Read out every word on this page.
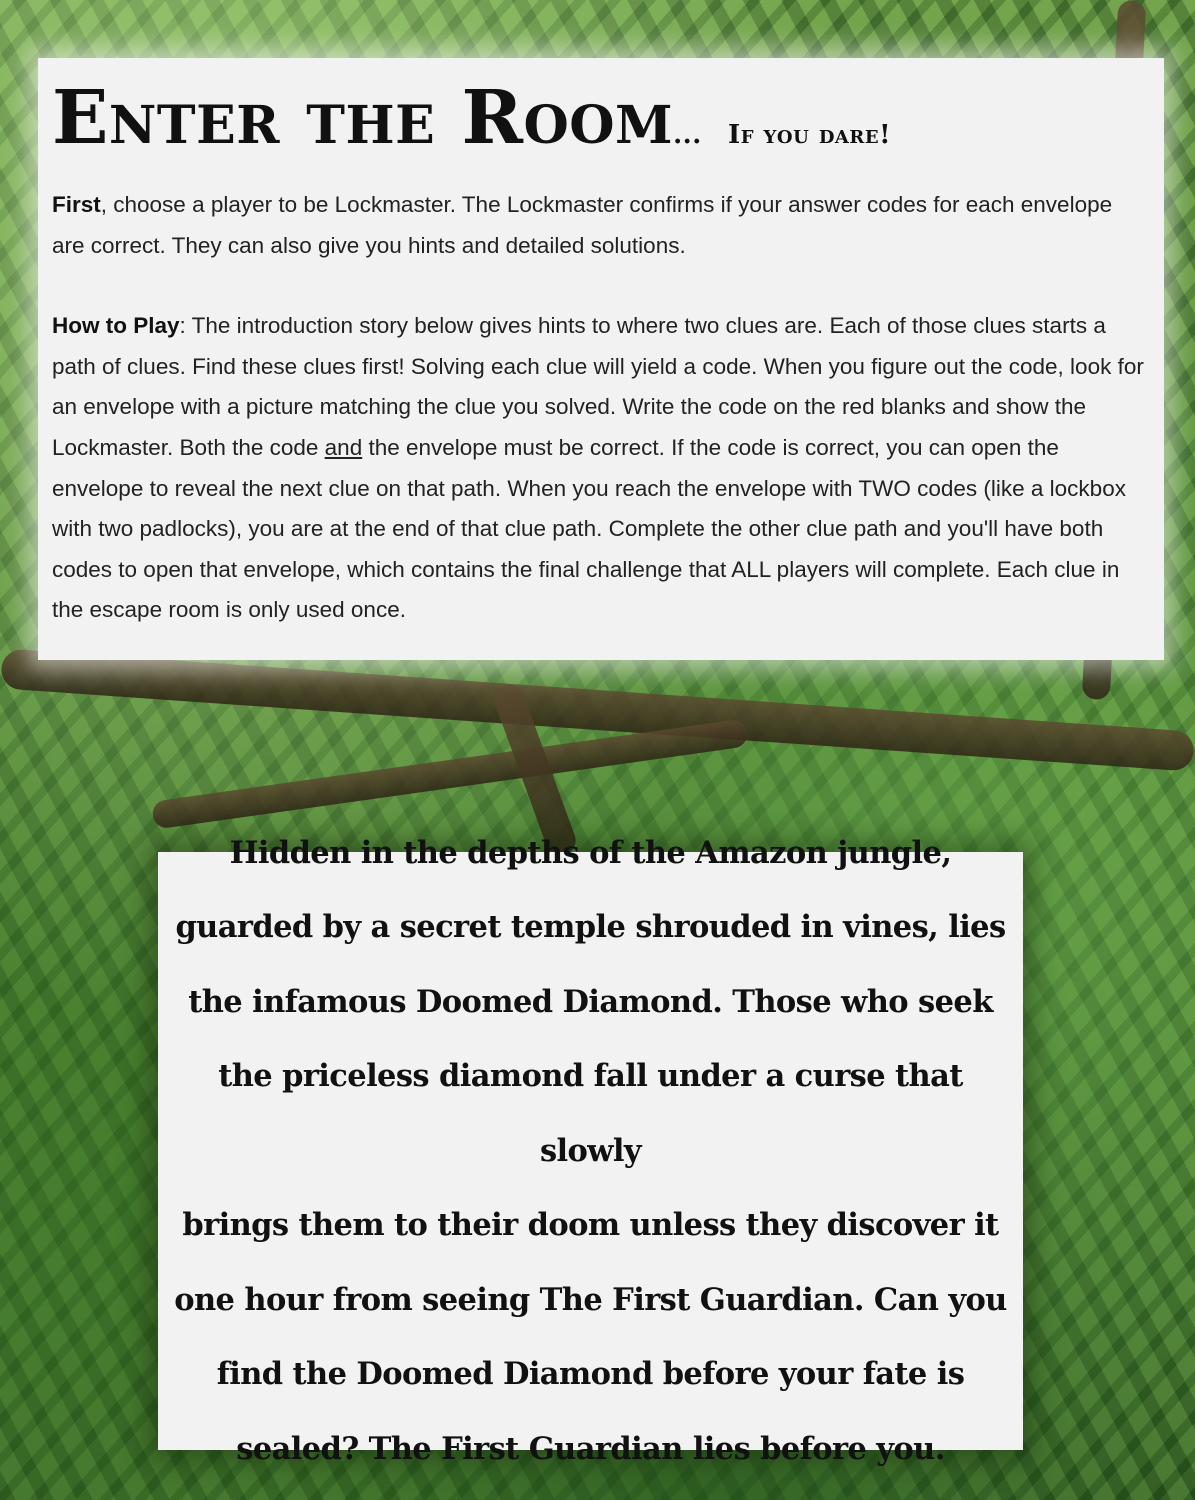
Enter the Room... If you dare!

First, choose a player to be Lockmaster. The Lockmaster confirms if your answer codes for each envelope are correct. They can also give you hints and detailed solutions.

How to Play: The introduction story below gives hints to where two clues are. Each of those clues starts a path of clues. Find these clues first! Solving each clue will yield a code. When you figure out the code, look for an envelope with a picture matching the clue you solved. Write the code on the red blanks and show the Lockmaster. Both the code and the envelope must be correct. If the code is correct, you can open the envelope to reveal the next clue on that path. When you reach the envelope with TWO codes (like a lockbox with two padlocks), you are at the end of that clue path. Complete the other clue path and you'll have both codes to open that envelope, which contains the final challenge that ALL players will complete. Each clue in the escape room is only used once.

Hidden in the depths of the Amazon jungle,
guarded by a secret temple shrouded in vines, lies
the infamous Doomed Diamond. Those who seek
the priceless diamond fall under a curse that slowly
brings them to their doom unless they discover it
one hour from seeing The First Guardian. Can you
find the Doomed Diamond before your fate is
sealed? The First Guardian lies before you.
